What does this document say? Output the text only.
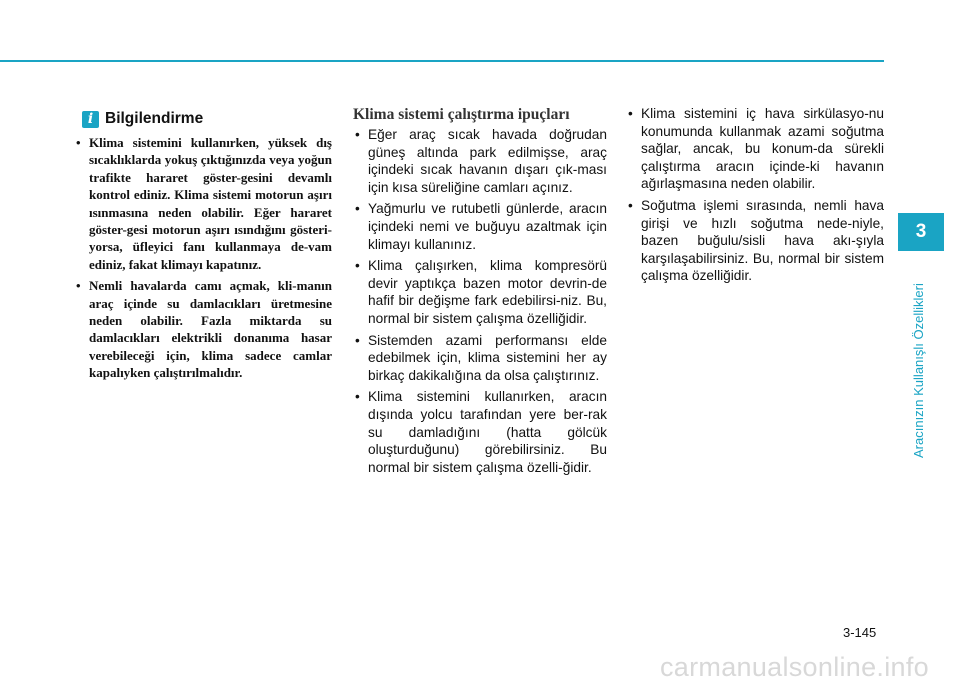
i Bilgilendirme
• Klima sistemini kullanırken, yüksek dış sıcaklıklarda yokuş çıktığınızda veya yoğun trafikte hararet göster-gesini devamlı kontrol ediniz. Klima sistemi motorun aşırı ısınmasına neden olabilir. Eğer hararet göster-gesi motorun aşırı ısındığını gösteri-yorsa, üfleyici fanı kullanmaya de-vam ediniz, fakat klimayı kapatınız.
• Nemli havalarda camı açmak, kli-manın araç içinde su damlacıkları üretmesine neden olabilir. Fazla miktarda su damlacıkları elektrikli donanıma hasar verebileceği için, klima sadece camlar kapalıyken çalıştırılmalıdır.
Klima sistemi çalıştırma ipuçları
• Eğer araç sıcak havada doğrudan güneş altında park edilmişse, araç içindeki sıcak havanın dışarı çık-ması için kısa süreliğine camları açınız.
• Yağmurlu ve rutubetli günlerde, aracın içindeki nemi ve buğuyu azaltmak için klimayı kullanınız.
• Klima çalışırken, klima kompresörü devir yaptıkça bazen motor devrin-de hafif bir değişme fark edebilirsi-niz. Bu, normal bir sistem çalışma özelliğidir.
• Sistemden azami performansı elde edebilmek için, klima sistemini her ay birkaç dakikalığına da olsa çalıştırınız.
• Klima sistemini kullanırken, aracın dışında yolcu tarafından yere ber-rak su damladığını (hatta gölcük oluşturduğunu) görebilirsiniz. Bu normal bir sistem çalışma özelli-ğidir.
• Klima sistemini iç hava sirkülasyo-nu konumunda kullanmak azami soğutma sağlar, ancak, bu konum-da sürekli çalıştırma aracın içinde-ki havanın ağırlaşmasına neden olabilir.
• Soğutma işlemi sırasında, nemli hava girişi ve hızlı soğutma nede-niyle, bazen buğulu/sisli hava akı-şıyla karşılaşabilirsiniz. Bu, normal bir sistem çalışma özelliğidir.
3
Aracınızın Kullanışlı Özellikleri
3-145
carmanualsonline.info
